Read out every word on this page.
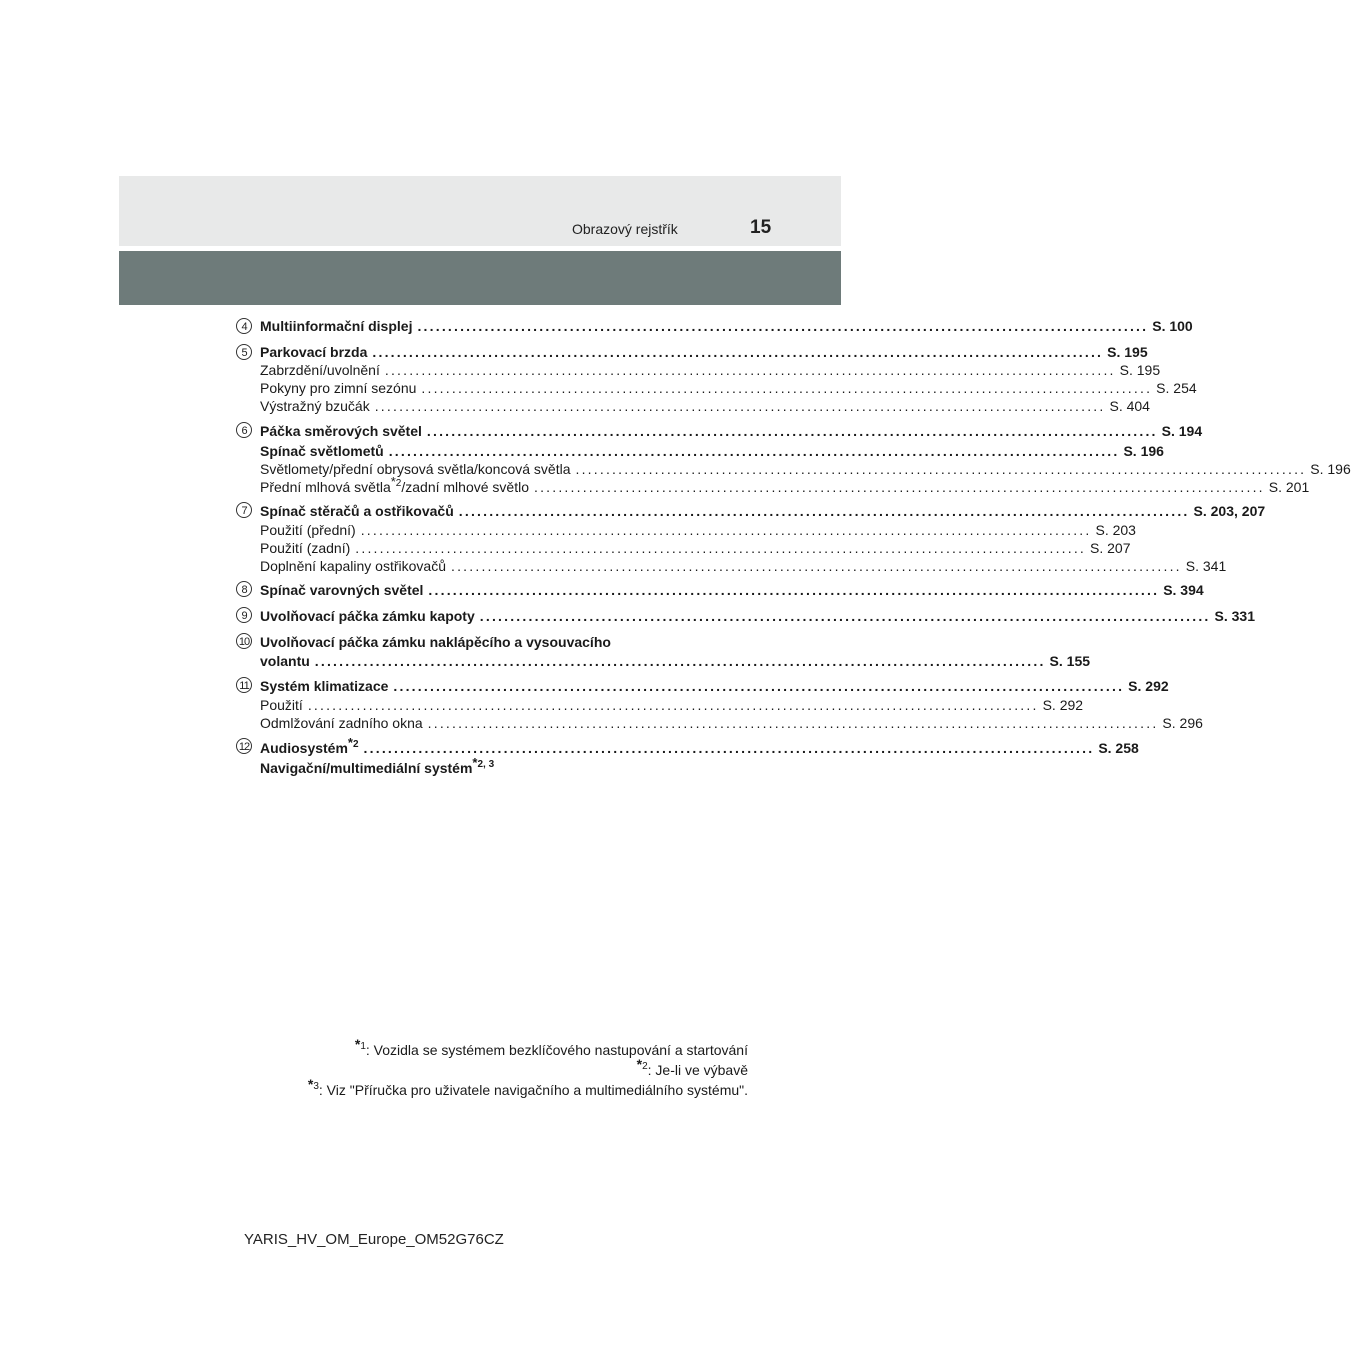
Obrazový rejstřík	15
4 Multiinformační displej ........................................................................................................................ S. 100
5 Parkovací brzda ........................................................................................................................ S. 195
Zabrzdění/uvolnění ........................................................................................................................ S. 195
Pokyny pro zimní sezónu ........................................................................................................................ S. 254
Výstražný bzučák ........................................................................................................................ S. 404
6 Páčka směrových světel ........................................................................................................................ S. 194
Spínač světlometů ........................................................................................................................ S. 196
Světlomety/přední obrysová světla/koncová světla ........................................................................................................................ S. 196
Přední mlhová světla$^{*2}$/zadní mlhové světlo ........................................................................................................................ S. 201
7 Spínač stěračů a ostřikovačů ........................................................................................................................ S. 203, 207
Použití (přední) ........................................................................................................................ S. 203
Použití (zadní) ........................................................................................................................ S. 207
Doplnění kapaliny ostřikovačů ........................................................................................................................ S. 341
8 Spínač varovných světel ........................................................................................................................ S. 394
9 Uvolňovací páčka zámku kapoty ........................................................................................................................ S. 331
10 Uvolňovací páčka zámku naklápěcího a vysouvacího
volantu ........................................................................................................................ S. 155
11 Systém klimatizace ........................................................................................................................ S. 292
Použití ........................................................................................................................ S. 292
Odmlžování zadního okna ........................................................................................................................ S. 296
12 Audiosystém$^{*2}$ ........................................................................................................................ S. 258
Navigační/multimediální systém$^{*2, 3}$
$^{*1}$: Vozidla se systémem bezklíčového nastupování a startování
$^{*2}$: Je-li ve výbavě
$^{*3}$: Viz "Příručka pro uživatele navigačního a multimediálního systému".
YARIS_HV_OM_Europe_OM52G76CZ
